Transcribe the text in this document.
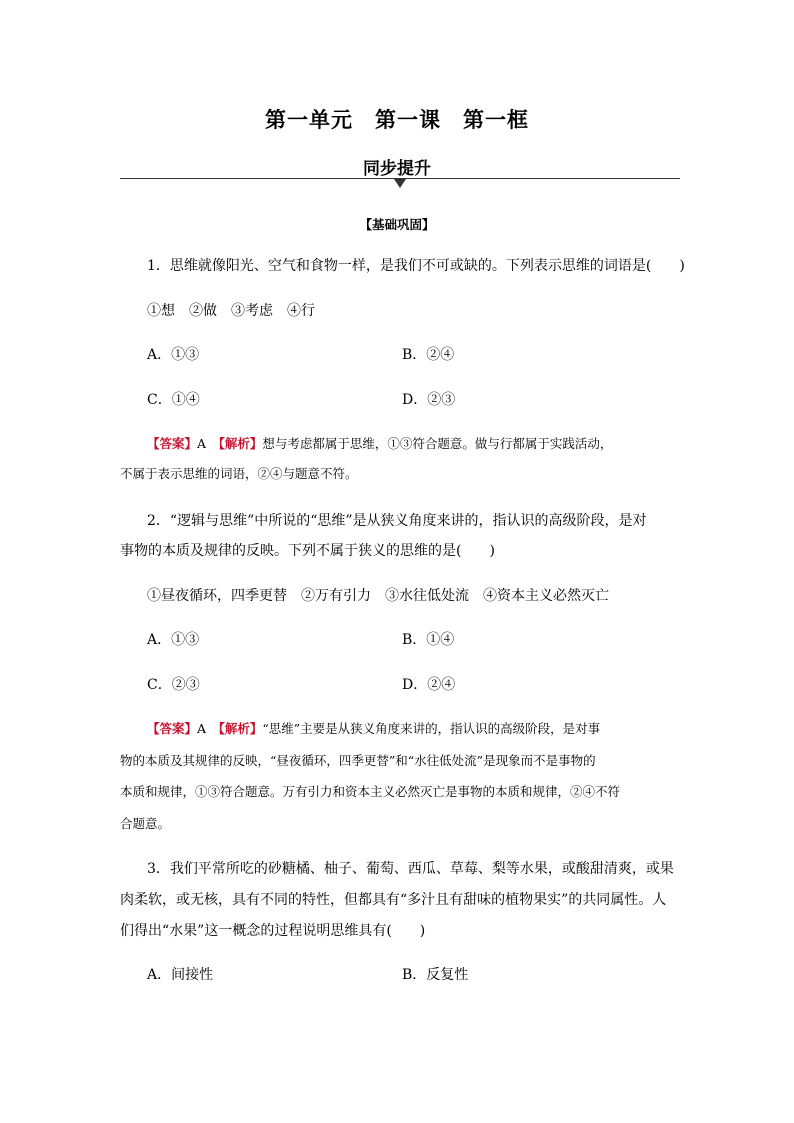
第一单元　第一课　第一框
同步提升
【基础巩固】
1．思维就像阳光、空气和食物一样，是我们不可或缺的。下列表示思维的词语是(　　)
①想　②做　③考虑　④行
A．①③	B．②④
C．①④	D．②③
【答案】A　 【解析】想与考虑都属于思维，①③符合题意。做与行都属于实践活动，
不属于表示思维的词语，②④与题意不符。
2．“逻辑与思维”中所说的“思维”是从狭义角度来讲的，指认识的高级阶段，是对
事物的本质及规律的反映。下列不属于狭义的思维的是(　　)
①昼夜循环，四季更替　②万有引力　③水往低处流　④资本主义必然灭亡
A．①③	B．①④
C．②③	D．②④
【答案】A　 【解析】“思维”主要是从狭义角度来讲的，指认识的高级阶段，是对事
物的本质及其规律的反映，“昼夜循环，四季更替”和“水往低处流”是现象而不是事物的
本质和规律，①③符合题意。万有引力和资本主义必然灭亡是事物的本质和规律，②④不符
合题意。
3．我们平常所吃的砂糖橘、柚子、葡萄、西瓜、草莓、梨等水果，或酸甜清爽，或果
肉柔软，或无核，具有不同的特性，但都具有“多汁且有甜味的植物果实”的共同属性。人
们得出“水果”这一概念的过程说明思维具有(　　)
A．间接性	B．反复性
